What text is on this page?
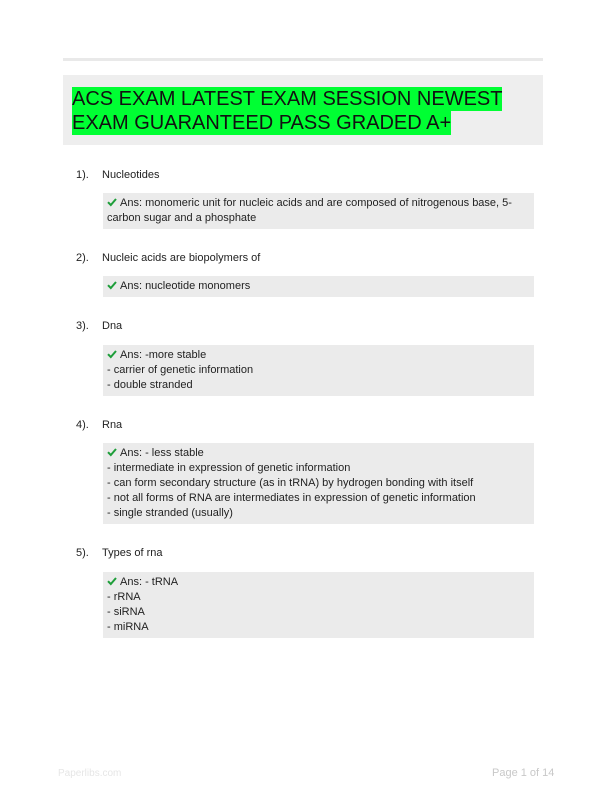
ACS EXAM LATEST EXAM SESSION NEWEST EXAM GUARANTEED PASS GRADED A+
1). Nucleotides
Ans: monomeric unit for nucleic acids and are composed of nitrogenous base, 5-
carbon sugar and a phosphate
2). Nucleic acids are biopolymers of
Ans: nucleotide monomers
3). Dna
Ans: -more stable
- carrier of genetic information
- double stranded
4). Rna
Ans: - less stable
- intermediate in expression of genetic information
- can form secondary structure (as in tRNA) by hydrogen bonding with itself
- not all forms of RNA are intermediates in expression of genetic information
- single stranded (usually)
5). Types of rna
Ans: - tRNA
- rRNA
- siRNA
- miRNA
Paperlibs.com	Page 1 of 14
